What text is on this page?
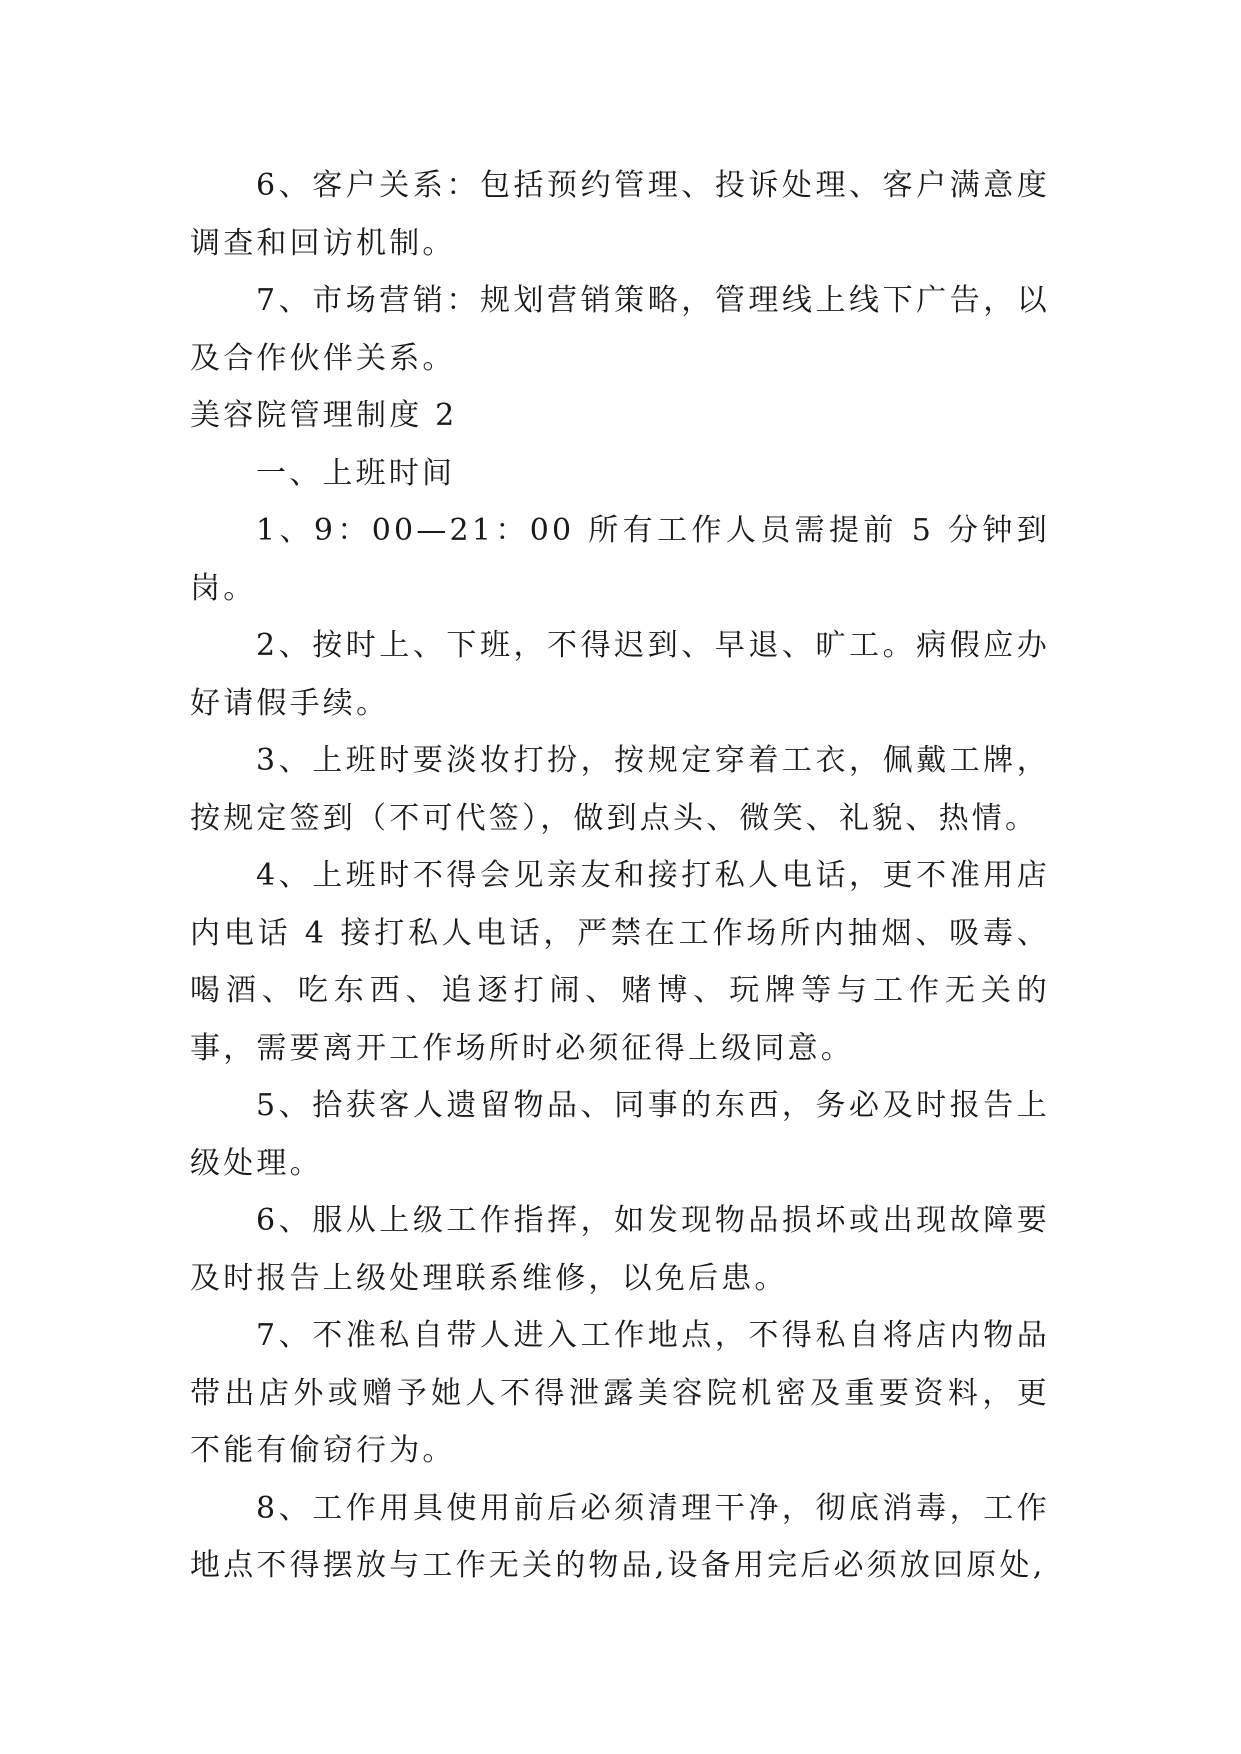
6、客户关系：包括预约管理、投诉处理、客户满意度调查和回访机制。

7、市场营销：规划营销策略，管理线上线下广告，以及合作伙伴关系。

美容院管理制度 2

一、上班时间

1、9：00—21：00 所有工作人员需提前 5 分钟到岗。

2、按时上、下班，不得迟到、早退、旷工。病假应办好请假手续。

3、上班时要淡妆打扮，按规定穿着工衣，佩戴工牌，按规定签到（不可代签），做到点头、微笑、礼貌、热情。

4、上班时不得会见亲友和接打私人电话，更不准用店内电话 4 接打私人电话，严禁在工作场所内抽烟、吸毒、喝酒、吃东西、追逐打闹、赌博、玩牌等与工作无关的事，需要离开工作场所时必须征得上级同意。

5、拾获客人遗留物品、同事的东西，务必及时报告上级处理。

6、服从上级工作指挥，如发现物品损坏或出现故障要及时报告上级处理联系维修，以免后患。

7、不准私自带人进入工作地点，不得私自将店内物品带出店外或赠予她人不得泄露美容院机密及重要资料，更不能有偷窃行为。

8、工作用具使用前后必须清理干净，彻底消毒，工作地点不得摆放与工作无关的物品,设备用完后必须放回原处,
